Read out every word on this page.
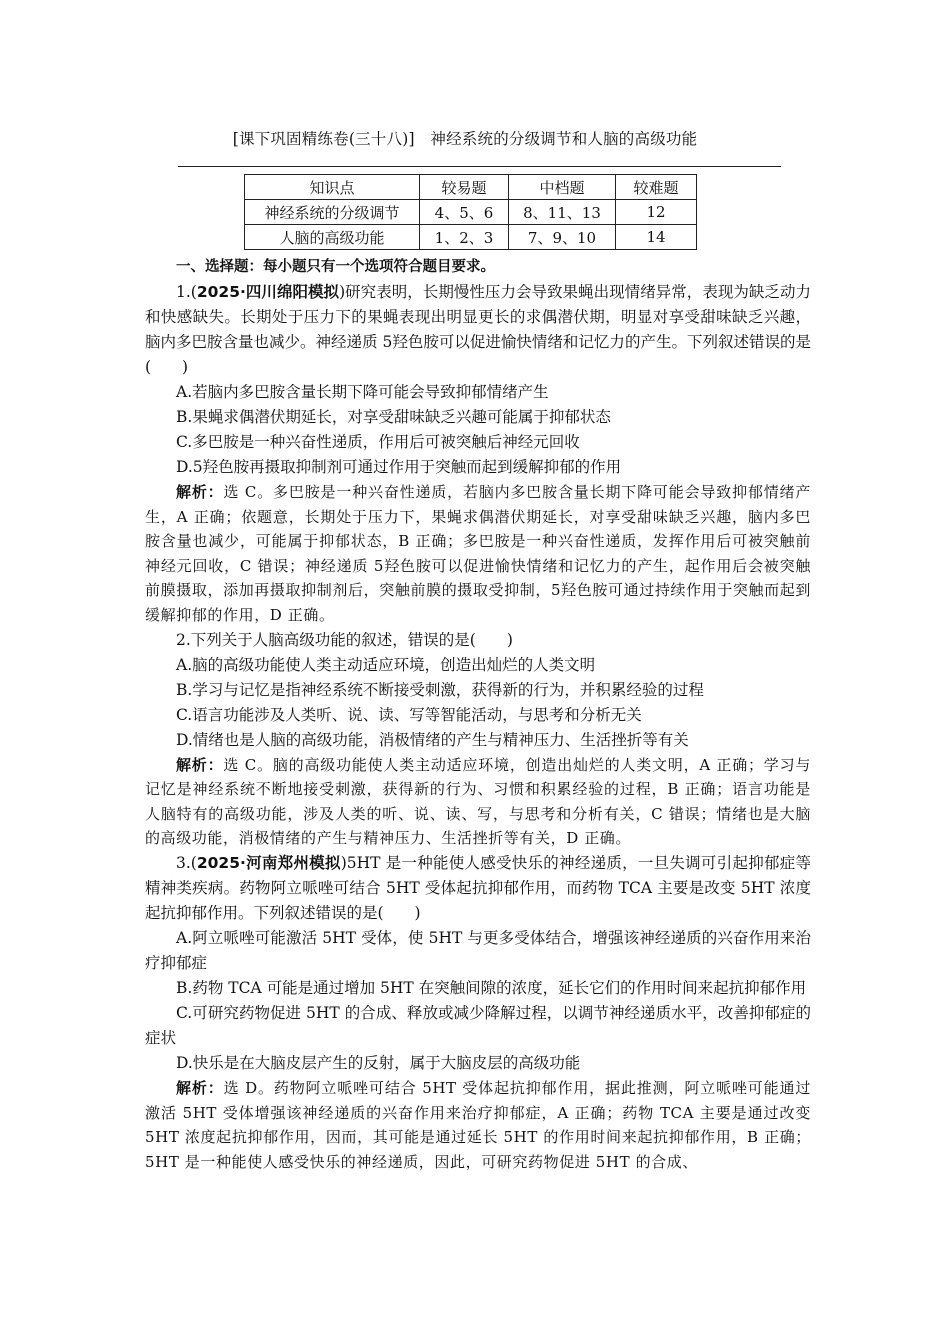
[课下巩固精练卷(三十八)]　神经系统的分级调节和人脑的高级功能
知识点	较易题	中档题	较难题
神经系统的分级调节	4、5、6	8、11、13	12
人脑的高级功能	1、2、3	7、9、10	14

一、选择题：每小题只有一个选项符合题目要求。

1.(2025·四川绵阳模拟)研究表明，长期慢性压力会导致果蝇出现情绪异常，表现为缺乏动力和快感缺失。长期处于压力下的果蝇表现出明显更长的求偶潜伏期，明显对享受甜味缺乏兴趣，脑内多巴胺含量也减少。神经递质 5羟色胺可以促进愉快情绪和记忆力的产生。下列叙述错误的是(　　)

A.若脑内多巴胺含量长期下降可能会导致抑郁情绪产生

B.果蝇求偶潜伏期延长，对享受甜味缺乏兴趣可能属于抑郁状态

C.多巴胺是一种兴奋性递质，作用后可被突触后神经元回收

D.5羟色胺再摄取抑制剂可通过作用于突触而起到缓解抑郁的作用

解析：选 C。多巴胺是一种兴奋性递质，若脑内多巴胺含量长期下降可能会导致抑郁情绪产生，A 正确；依题意，长期处于压力下，果蝇求偶潜伏期延长，对享受甜味缺乏兴趣，脑内多巴胺含量也减少，可能属于抑郁状态，B 正确；多巴胺是一种兴奋性递质，发挥作用后可被突触前神经元回收，C 错误；神经递质 5羟色胺可以促进愉快情绪和记忆力的产生，起作用后会被突触前膜摄取，添加再摄取抑制剂后，突触前膜的摄取受抑制，5羟色胺可通过持续作用于突触而起到缓解抑郁的作用，D 正确。

2.下列关于人脑高级功能的叙述，错误的是(　　)

A.脑的高级功能使人类主动适应环境，创造出灿烂的人类文明

B.学习与记忆是指神经系统不断接受刺激，获得新的行为，并积累经验的过程

C.语言功能涉及人类听、说、读、写等智能活动，与思考和分析无关

D.情绪也是人脑的高级功能，消极情绪的产生与精神压力、生活挫折等有关

解析：选 C。脑的高级功能使人类主动适应环境，创造出灿烂的人类文明，A 正确；学习与记忆是神经系统不断地接受刺激，获得新的行为、习惯和积累经验的过程，B 正确；语言功能是人脑特有的高级功能，涉及人类的听、说、读、写，与思考和分析有关，C 错误；情绪也是大脑的高级功能，消极情绪的产生与精神压力、生活挫折等有关，D 正确。

3.(2025·河南郑州模拟)5HT 是一种能使人感受快乐的神经递质，一旦失调可引起抑郁症等精神类疾病。药物阿立哌唑可结合 5HT 受体起抗抑郁作用，而药物 TCA 主要是改变 5HT 浓度起抗抑郁作用。下列叙述错误的是(　　)

A.阿立哌唑可能激活 5HT 受体，使 5HT 与更多受体结合，增强该神经递质的兴奋作用来治疗抑郁症

B.药物 TCA 可能是通过增加 5HT 在突触间隙的浓度，延长它们的作用时间来起抗抑郁作用

C.可研究药物促进 5HT 的合成、释放或减少降解过程，以调节神经递质水平，改善抑郁症的症状

D.快乐是在大脑皮层产生的反射，属于大脑皮层的高级功能

解析：选 D。药物阿立哌唑可结合 5HT 受体起抗抑郁作用，据此推测，阿立哌唑可能通过激活 5HT 受体增强该神经递质的兴奋作用来治疗抑郁症，A 正确；药物 TCA 主要是通过改变 5HT 浓度起抗抑郁作用，因而，其可能是通过延长 5HT 的作用时间来起抗抑郁作用，B 正确；5HT 是一种能使人感受快乐的神经递质，因此，可研究药物促进 5HT 的合成、
